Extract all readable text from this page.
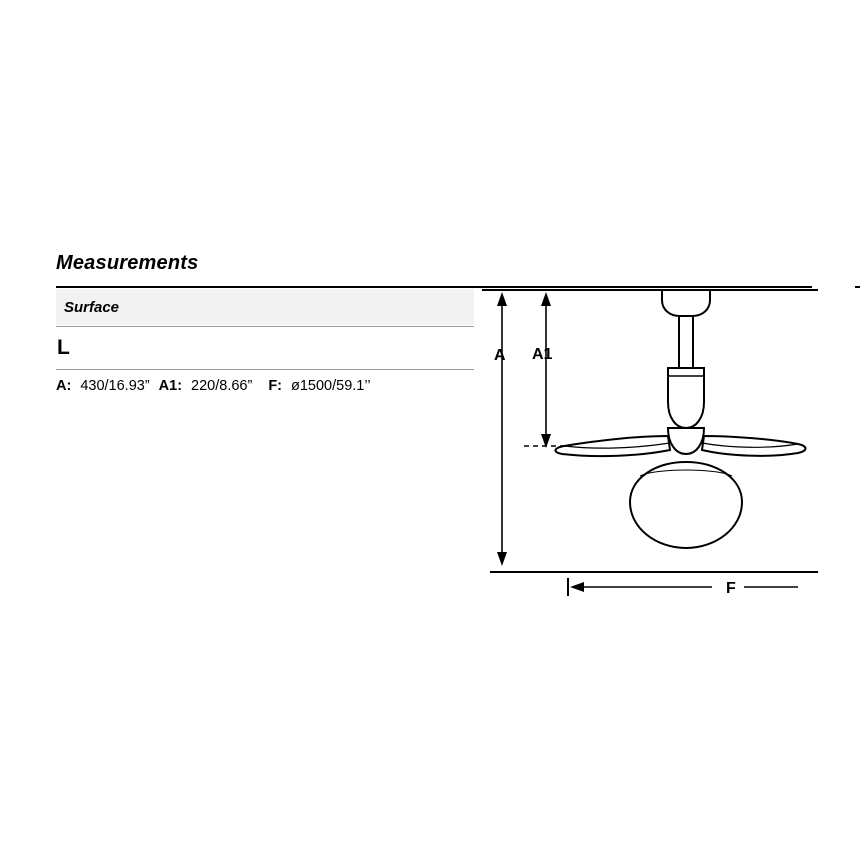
Measurements
Surface
L
A: 430/16.93” A1: 220/8.66” F: ø1500/59.1’’
A A1
F
